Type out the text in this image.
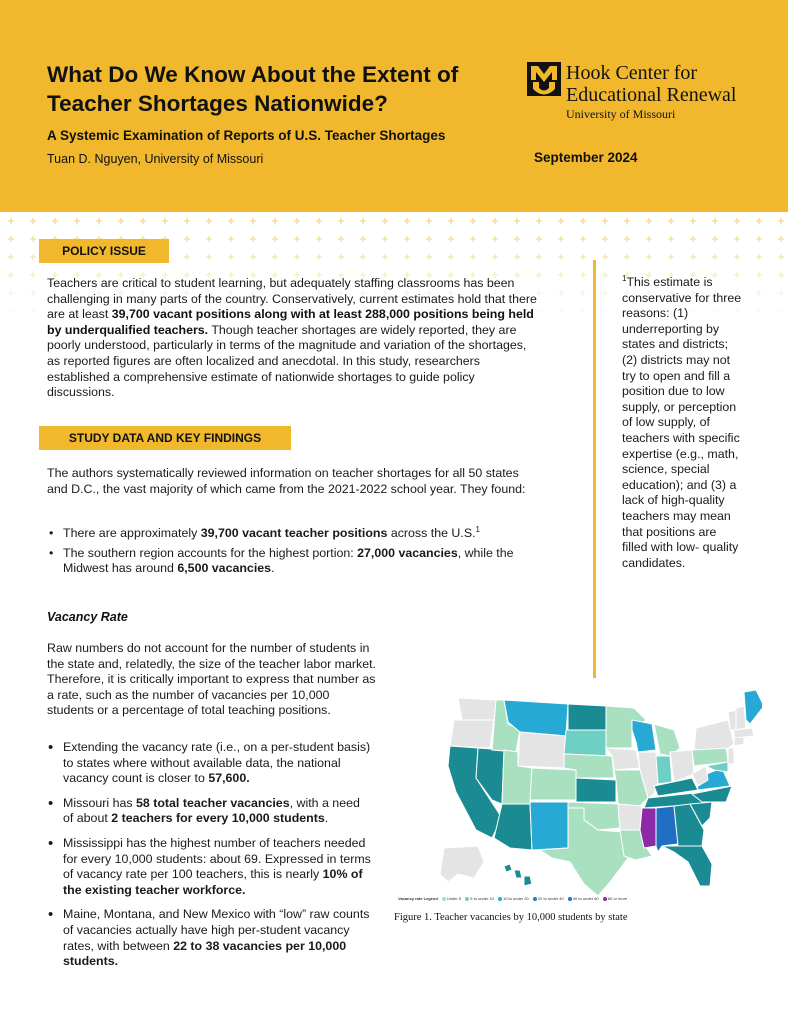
What Do We Know About the Extent of Teacher Shortages Nationwide?
A Systemic Examination of Reports of U.S. Teacher Shortages
Tuan D. Nguyen, University of Missouri	September 2024
Hook Center for
Educational Renewal
University of Missouri
POLICY ISSUE

Teachers are critical to student learning, but adequately staffing classrooms has been challenging in many parts of the country. Conservatively, current estimates hold that there are at least 39,700 vacant positions along with at least 288,000 positions being held by underqualified teachers. Though teacher shortages are widely reported, they are poorly understood, particularly in terms of the magnitude and variation of the shortages, as reported figures are often localized and anecdotal. In this study, researchers established a comprehensive estimate of nationwide shortages to guide policy discussions.

STUDY DATA AND KEY FINDINGS

The authors systematically reviewed information on teacher shortages for all 50 states and D.C., the vast majority of which came from the 2021-2022 school year. They found:

• There are approximately 39,700 vacant teacher positions across the U.S.$^1$
• The southern region accounts for the highest portion: 27,000 vacancies, while the Midwest has around 6,500 vacancies.
Vacancy Rate

Raw numbers do not account for the number of students in the state and, relatedly, the size of the teacher labor market. Therefore, it is critically important to express that number as a rate, such as the number of vacancies per 10,000 students or a percentage of total teaching positions.

• Extending the vacancy rate (i.e., on a per-student basis) to states where without available data, the national vacancy count is closer to 57,600.
• Missouri has 58 total teacher vacancies, with a need of about 2 teachers for every 10,000 students.
• Mississippi has the highest number of teachers needed for every 10,000 students: about 69. Expressed in terms of vacancy rate per 100 teachers, this is nearly 10% of the existing teacher workforce.
• Maine, Montana, and New Mexico with “low” raw counts of vacancies actually have high per-student vacancy rates, with between 22 to 38 vacancies per 10,000 students.

$^1$This estimate is conservative for three reasons: (1) underreporting by states and districts; (2) districts may not try to open and fill a position due to low supply, or perception of low supply, of teachers with specific expertise (e.g., math, science, special education); and (3) a lack of high-quality teachers may mean that positions are filled with low- quality candidates.

Vacancy rate Legend Under 5 5 to under 10 10 to under 20 20 to under 40 40 to under 60 60 or more
Figure 1. Teacher vacancies by 10,000 students by state
